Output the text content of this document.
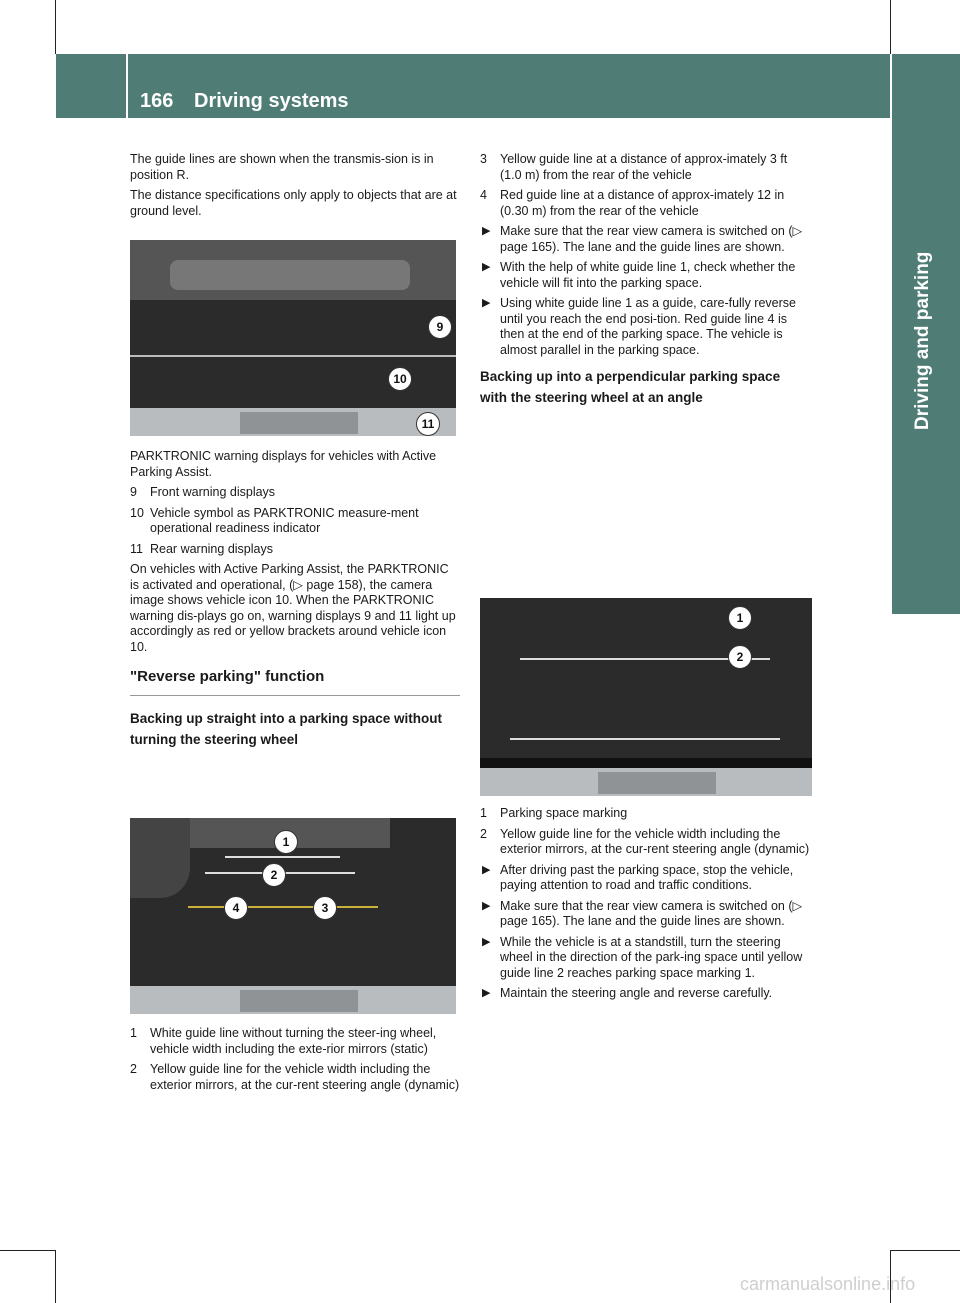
166 Driving systems
Driving and parking

The guide lines are shown when the transmis-sion is in position R.

The distance specifications only apply to objects that are at ground level.

9
10
11

PARKTRONIC warning displays for vehicles with Active Parking Assist.

9 Front warning displays
10 Vehicle symbol as PARKTRONIC measure-ment operational readiness indicator
11 Rear warning displays

On vehicles with Active Parking Assist, the PARKTRONIC is activated and operational, (▷ page 158), the camera image shows vehicle icon 10. When the PARKTRONIC warning dis-plays go on, warning displays 9 and 11 light up accordingly as red or yellow brackets around vehicle icon 10.

"Reverse parking" function
Backing up straight into a parking space without turning the steering wheel
1
2
3
4
1 White guide line without turning the steer-ing wheel, vehicle width including the exte-rior mirrors (static)
2 Yellow guide line for the vehicle width including the exterior mirrors, at the cur-rent steering angle (dynamic)
3 Yellow guide line at a distance of approx-imately 3 ft (1.0 m) from the rear of the vehicle
4 Red guide line at a distance of approx-imately 12 in (0.30 m) from the rear of the vehicle
▶ Make sure that the rear view camera is switched on (▷ page 165). The lane and the guide lines are shown.
▶ With the help of white guide line 1, check whether the vehicle will fit into the parking space.
▶ Using white guide line 1 as a guide, care-fully reverse until you reach the end posi-tion. Red guide line 4 is then at the end of the parking space. The vehicle is almost parallel in the parking space.
Backing up into a perpendicular parking space with the steering wheel at an angle
1
2
1 Parking space marking
2 Yellow guide line for the vehicle width including the exterior mirrors, at the cur-rent steering angle (dynamic)
▶ After driving past the parking space, stop the vehicle, paying attention to road and traffic conditions.
▶ Make sure that the rear view camera is switched on (▷ page 165). The lane and the guide lines are shown.
▶ While the vehicle is at a standstill, turn the steering wheel in the direction of the park-ing space until yellow guide line 2 reaches parking space marking 1.
▶ Maintain the steering angle and reverse carefully.
carmanualsonline.info
